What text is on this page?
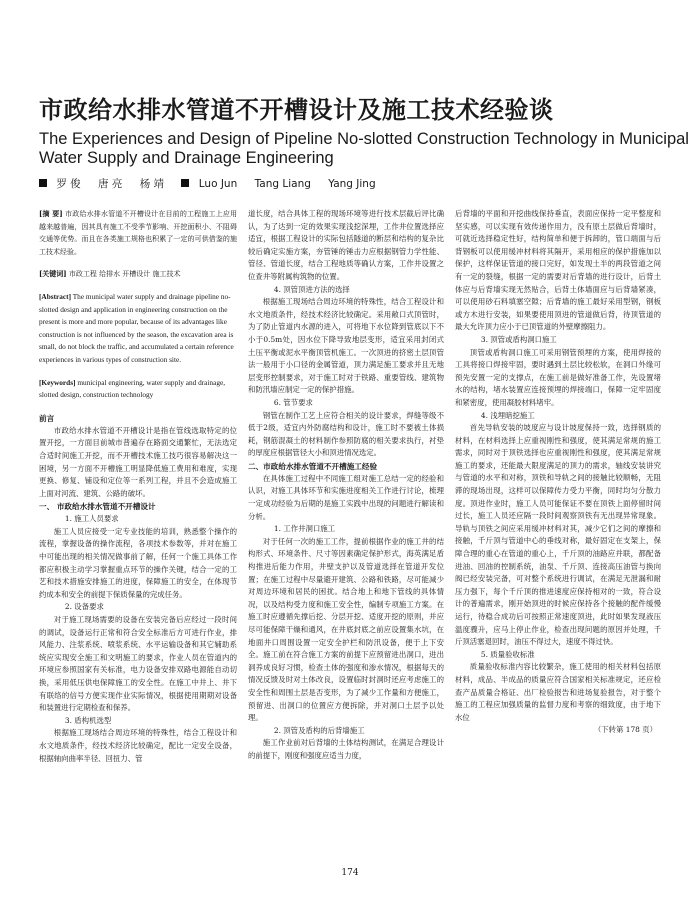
市政给水排水管道不开槽设计及施工技术经验谈
The Experiences and Design of Pipeline No-slotted Construction Technology in Municipal Water Supply and Drainage Engineering
罗 俊 唐 亮 杨 靖	Luo Jun Tang Liang Yang Jing

[摘 要] 市政给水排水管道不开槽设计在目前的工程施工上应用越来越普遍，因其具有施工不受季节影响、开挖面积小、不阻碍交通等优势。而且在各类施工规格也积累了一定的可供借鉴的施工技术经验。

[关键词] 市政工程 给排水 开槽设计 施工技术

[Abstract] The municipal water supply and drainage pipeline no-slotted design and application in engineering construction on the present is more and more popular, because of its advantages like construction is not influenced by the season, the excavation area is small, do not block the traffic, and accumulated a certain reference experiences in various types of construction site.

[Keywords] municipal engineering, water supply and drainage, slotted design, construction technology

前言

市政给水排水管道不开槽设计是指在管线选取特定的位置开挖，一方面目前城市普遍存在路面交通繁忙，无法选定合适时间施工开挖，而不开槽技术施工技巧很容易解决这一困境，另一方面不开槽施工明显降低施工费用和难度，实现更换、修复、铺设和定位等一系列工程，并且不会造成施工上面对河流、建筑、公路的破坏。

一、 市政给水排水管道不开槽设计

1. 施工人员要求

施工人员应接受一定专业技能的培训，熟悉整个操作的流程，掌握设备的操作流程，各项技术参数等，并对在施工中可能出现的相关情况做事前了解，任何一个施工具体工作都应积极主动学习掌握重点环节的操作关键，结合一定的工艺和技术措施安排施工的进度，保障施工的安全，在体现节约成本和安全的前提下保质保量的完成任务。

2. 设备要求

对于施工现场需要的设备在安装完备后应经过一段时间的调试，设备运行正常和符合安全标准后方可进行作业，排风能力、注浆系统、喷浆系统、水平运输设备和其它辅助系统应实现安全施工和文明施工的要求，作业人员在管道内的环境应参照国家有关标准，电力设备安排双路电源能自动切换，采用低压供电保障施工的安全性。在施工中井上、井下有联络的信号方便实现作业实际情况，根据使用期期对设备和装置进行定期检查和保养。

3. 盾构机选型

根据施工现场结合周边环境的特殊性，结合工程设计和水文地质条件，经技术经济比较确定，配比一定安全设备，根据轴向曲率半径、回扭力、管

道长度，结合具体工程的现场环境等进行技术层截后评比确认，为了达到一定的效果实现浅挖深埋，工作井位置选择应适宜，根据工程设计的实际包括隧道的断层和结构的复杂比较后确定实施方案，夯管锤的锤击力应根据钢管力学性能、管径、管道长度，结合工程地质等确认方案，工作井设置之位查井等附属构筑物的位置。

4. 顶管顶进方法的选择

根据施工现场结合周边环境的特殊性，结合工程设计和水文地质条件，经技术经济比较确定。采用敞口式顶管时，为了防止管道内水源的进入，可将地下水位降到管底以下不小于0.5m处，因水位下降导致地层变形，适宜采用封闭式土压平衡或泥水平衡顶管机施工。一次顶进的挤密土层顶管法一般用于小口径的金属管道，顶力满足施工要求并且无地层变形控制要求，对于施工时对于铁路、重要管线、建筑物和防汛墙应制定一定的保护措施。

6. 管节要求

钢管在制作工艺上应符合相关的设计要求，焊缝等级不低于2级，适宜内外防腐结构和设计，施工时不要被土体损耗，钢筋混凝土的材料制作参照防腐的相关要求执行，衬垫的厚度应根据管径大小和顶进情况选定。

二、市政给水排水管道不开槽施工经验

在具体施工过程中不同施工组对施工总结一定的经验和认识，对施工具体环节和实施进度相关工作进行讨论，梳理一定成功经验为后期的是施工实践中出现的问题进行解读和分析。

1. 工作井洞口施工

对于任何一次的施工工作，提前根据作业的施工井的结构形式、环境条件、尺寸等因素确定保护形式，海英满足盾构推进后能力作用，井壁支护以及管道选择在管道开发位置；在施工过程中尽量避开建筑、公路和铁路，尽可能减少对周边环境和居民的困扰。结合地上和地下管线的具体情况，以及结构受力度和施工安全性，编制专项施工方案。在施工时应遵循先撑后挖、分层开挖、适度开挖的原则，并应尽可能保障干燥和通风，在井底封底之前应设置集水坑，在地面井口周围设置一定安全护栏和防汛设备，便于上下安全。施工前在符合施工方案的前提下应预留进出洞口，进出洞养成良好习惯，检查土体的强度和渗水情况，根据每天的情况反馈及时对土体改良，设置临时封洞时还应考虑施工的安全性和周围土层是否变形，为了减少工作量和方便施工，预留进、出洞口的位置应方便拆除，并对洞口土层予以处理。

2. 顶管及盾构的后背墙施工

施工作业前对后背墙的土体结构测试，在满足合理设计的前提下，刚度和强度应适当力度，

后背墙的平面和开挖曲线保持垂直，表面应保持一定平整度和坚实感，可以实现有效传递作用力，没有原土层做后背墙时，可就近选择稳定性好，结构简单和便于拆卸的，管口端面与后背钢板可以使用缓冲材料将其隔开，采用相应的保护措施加以保护，这样保证管道的接口完好，如发现土半的两段管道之间有一定的裂缝，根据一定的需要对后背墙的进行设计，后背土体应与后背墙实现无然贴合，后背土体墙面应与后背墙紧凑，可以使用砂石料填塞空隙；后背墙的施工最好采用型钢，钢板或方木进行安装，如果要使用顶进的管道做后背，待顶管道的最大允许顶力应小于已顶管道的外壁摩擦阻力。

3. 顶管或盾构洞口施工

顶管或盾构洞口施工可采用钢管预埋的方案，使用焊接的工具将接口焊接牢固，要时遇到土层比较松软，在洞口外缘可预先安置一定的支撑点，在施工前是做好准备工作，先设置堵水的结构，堵水装置应连接预埋的焊接端口，保障一定牢固度和紧密度，使用凝胶材料堵牢。

4. 浅埋暗挖施工

首先导轨安装的坡度应与设计坡度保持一致，选择钢质的材料，在材料选择上应重视刚性和强度，使其满足常规的施工需求，同时对于顶铁选择也应重视刚性和强度，使其满足常规施工的要求，还能最大限度满足的顶力的需求，轴线安装讲究与管道的水平和对称，顶铁和导轨之间的接触比较顺畅，无阻滞的现场出现，这样可以保障传力受力平衡，同时均匀分散力度。顶进作业时，施工人员可能保证不要在顶铁上面停留时间过长，施工人员还应隔一段时间观察顶铁有无出现异常现象。导轨与顶铁之间应采用缓冲材料对其，减少它们之间的摩擦和接触，千斤顶与管道中心的垂线对称，最好固定在支架上，保障合理的重心在管道的重心上，千斤顶的油路应并联，都配备进油、回油的控制系统，油泵、千斤顶、连接高压油管与换向阀已经安装完备，可对整个系统进行调试，在满足无泄漏和耐压力强下，每个千斤顶的推进速度应保持相对的一致，符合设计的普遍需求，刚开始顶进的时候应保持各个接触的配件缓慢运行，待稳合成功后可按照正常速度顶进，此时如果发现液压温度骤升，应马上停止作业，检查出现问题的原因并处理，千斤顶活塞退回时，油压不得过大，速度不得过快。

5. 质量验收标准

质量验收标准内容比较繁杂，施工使用的相关材料包括原材料，成品、半成品的质量应符合国家相关标准规定，还应检查产品质量合格证、出厂检验报告和进场复验报告，对于整个施工的工程应加强质量的监督力度和考察的细致度，由于地下水位

（下转第 178 页）

174
